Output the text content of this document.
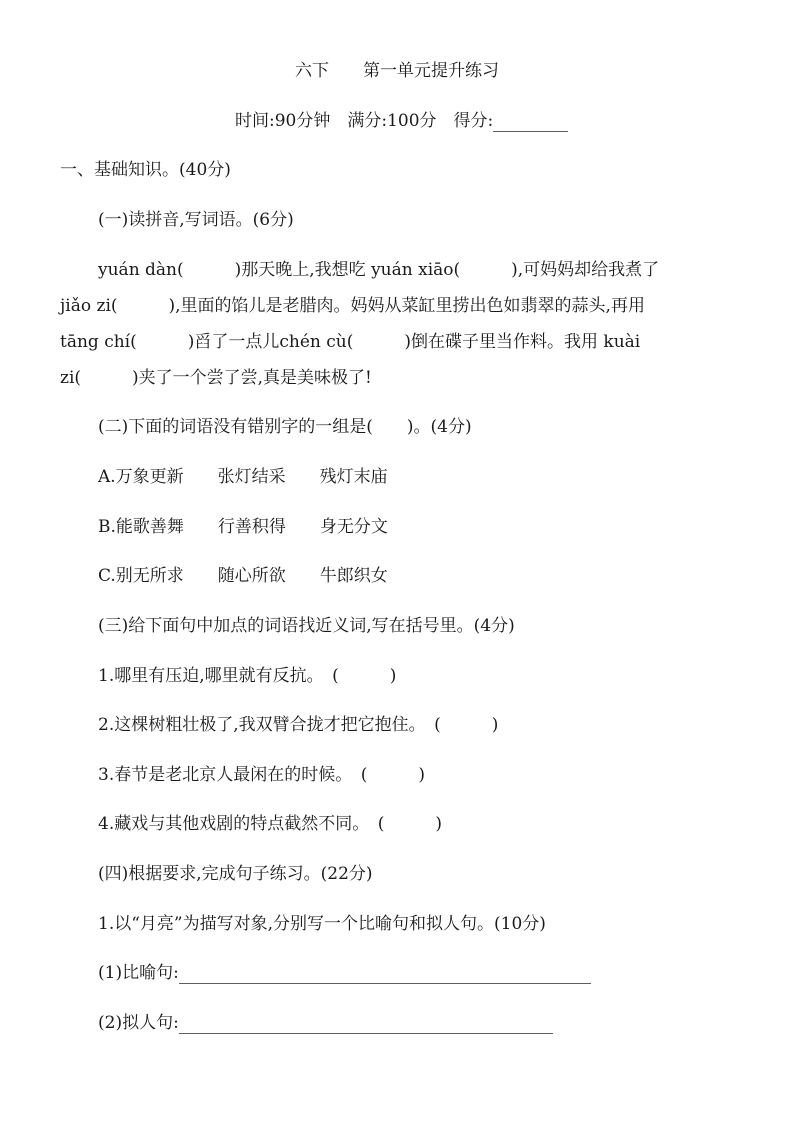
六下　　第一单元提升练习
时间:90分钟　满分:100分　得分:
一、基础知识。(40分)
(一)读拼音,写词语。(6分)
yuán dàn(　　　)那天晚上,我想吃 yuán xiāo(　　　),可妈妈却给我煮了
jiǎo zi(　　　),里面的馅儿是老腊肉。妈妈从菜缸里捞出色如翡翠的蒜头,再用
tāng chí(　　　)舀了一点儿chén cù(　　　)倒在碟子里当作料。我用 kuài
zi(　　　)夹了一个尝了尝,真是美味极了!
(二)下面的词语没有错别字的一组是(　　)。(4分)
A.万象更新　　张灯结采　　残灯末庙
B.能歌善舞　　行善积得　　身无分文
C.别无所求　　随心所欲　　牛郎织女
(三)给下面句中加点的词语找近义词,写在括号里。(4分)
1.哪里有压迫,哪里就有反抗。　(　　　)
2.这棵树粗壮极了,我双臂合拢才把它抱住。　(　　　)
3.春节是老北京人最闲在的时候。　(　　　)
4.藏戏与其他戏剧的特点截然不同。　(　　　)
(四)根据要求,完成句子练习。(22分)
1.以“月亮”为描写对象,分别写一个比喻句和拟人句。(10分)
(1)比喻句:
(2)拟人句:
